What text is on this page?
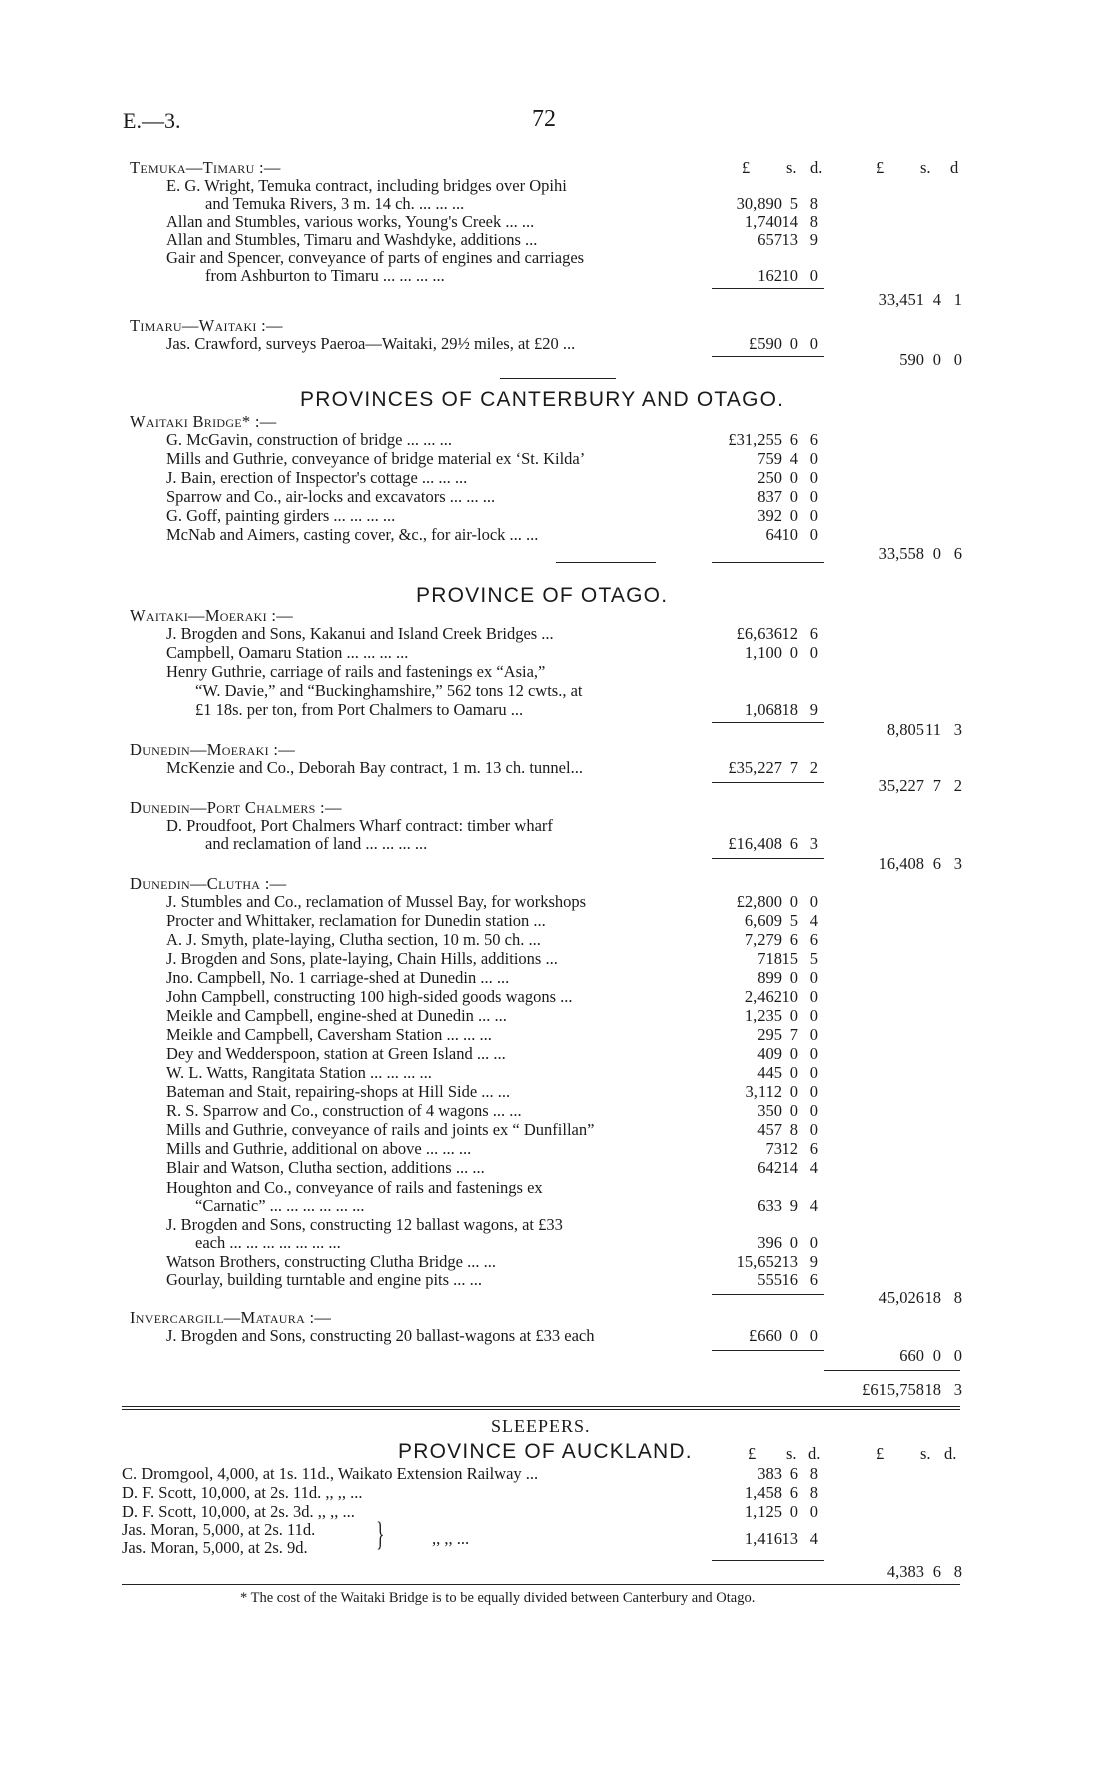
E.—3.	72
£ s. d.	£ s. d
Temuka—Timaru :—
E. G. Wright, Temuka contract, including bridges over Opihi
and Temuka Rivers, 3 m. 14 ch. ... ... ...	30,890 5 8
Allan and Stumbles, various works, Young's Creek ... ...	1,740 14 8
Allan and Stumbles, Timaru and Washdyke, additions ...	657 13 9
Gair and Spencer, conveyance of parts of engines and carriages
from Ashburton to Timaru ... ... ... ...	162 10 0
33,451 4 1
Timaru—Waitaki :—
Jas. Crawford, surveys Paeroa—Waitaki, 29½ miles, at £20 ...	£590 0 0
590 0 0
PROVINCES OF CANTERBURY AND OTAGO.
Waitaki Bridge* :—
G. McGavin, construction of bridge ... ... ...	£31,255 6 6
Mills and Guthrie, conveyance of bridge material ex ‘St. Kilda’	759 4 0
J. Bain, erection of Inspector's cottage ... ... ...	250 0 0
Sparrow and Co., air-locks and excavators ... ... ...	837 0 0
G. Goff, painting girders ... ... ... ...	392 0 0
McNab and Aimers, casting cover, &c., for air-lock ... ...	64 10 0
33,558 0 6
PROVINCE OF OTAGO.
Waitaki—Moeraki :—
J. Brogden and Sons, Kakanui and Island Creek Bridges ...	£6,636 12 6
Campbell, Oamaru Station ... ... ... ...	1,100 0 0
Henry Guthrie, carriage of rails and fastenings ex “Asia,”
“W. Davie,” and “Buckinghamshire,” 562 tons 12 cwts., at
£1 18s. per ton, from Port Chalmers to Oamaru ...	1,068 18 9
8,805 11 3
Dunedin—Moeraki :—
McKenzie and Co., Deborah Bay contract, 1 m. 13 ch. tunnel...	£35,227 7 2
35,227 7 2
Dunedin—Port Chalmers :—
D. Proudfoot, Port Chalmers Wharf contract: timber wharf
and reclamation of land ... ... ... ...	£16,408 6 3
16,408 6 3
Dunedin—Clutha :—
J. Stumbles and Co., reclamation of Mussel Bay, for workshops	£2,800 0 0
Procter and Whittaker, reclamation for Dunedin station ...	6,609 5 4
A. J. Smyth, plate-laying, Clutha section, 10 m. 50 ch. ...	7,279 6 6
J. Brogden and Sons, plate-laying, Chain Hills, additions ...	718 15 5
Jno. Campbell, No. 1 carriage-shed at Dunedin ... ...	899 0 0
John Campbell, constructing 100 high-sided goods wagons ...	2,462 10 0
Meikle and Campbell, engine-shed at Dunedin ... ...	1,235 0 0
Meikle and Campbell, Caversham Station ... ... ...	295 7 0
Dey and Wedderspoon, station at Green Island ... ...	409 0 0
W. L. Watts, Rangitata Station ... ... ... ...	445 0 0
Bateman and Stait, repairing-shops at Hill Side ... ...	3,112 0 0
R. S. Sparrow and Co., construction of 4 wagons ... ...	350 0 0
Mills and Guthrie, conveyance of rails and joints ex “ Dunfillan”	457 8 0
Mills and Guthrie, additional on above ... ... ...	73 12 6
Blair and Watson, Clutha section, additions ... ...	642 14 4
Houghton and Co., conveyance of rails and fastenings ex
“Carnatic” ... ... ... ... ... ...	633 9 4
J. Brogden and Sons, constructing 12 ballast wagons, at £33
each ... ... ... ... ... ... ...	396 0 0
Watson Brothers, constructing Clutha Bridge ... ...	15,652 13 9
Gourlay, building turntable and engine pits ... ...	555 16 6
45,026 18 8
Invercargill—Mataura :—
J. Brogden and Sons, constructing 20 ballast-wagons at £33 each	£660 0 0
660 0 0
£615,758 18 3
SLEEPERS.
PROVINCE OF AUCKLAND.	£ s. d.	£ s. d.
C. Dromgool, 4,000, at 1s. 11d., Waikato Extension Railway ...	383 6 8
D. F. Scott, 10,000, at 2s. 11d. ,, ,, ...	1,458 6 8
D. F. Scott, 10,000, at 2s. 3d. ,, ,, ...	1,125 0 0
Jas. Moran, 5,000, at 2s. 11d.
Jas. Moran, 5,000, at 2s. 9d. }	,, ,, ...	1,416 13 4
4,383 6 8
* The cost of the Waitaki Bridge is to be equally divided between Canterbury and Otago.
